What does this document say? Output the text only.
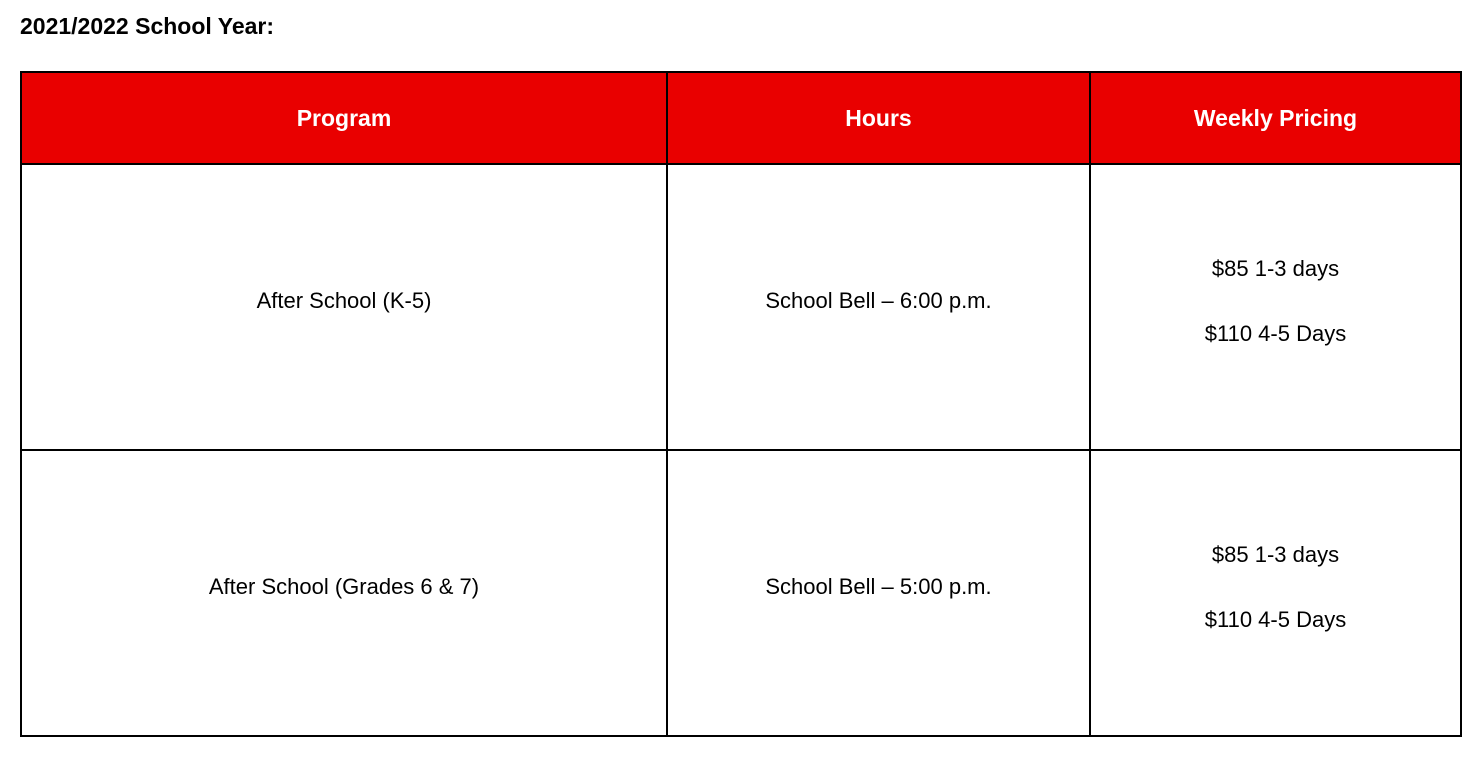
2021/2022 School Year:
Program	Hours	Weekly Pricing
After School (K-5)	School Bell – 6:00 p.m.	$85 1-3 days
$110 4-5 Days

After School (Grades 6 & 7)	School Bell – 5:00 p.m.	$85 1-3 days
$110 4-5 Days
